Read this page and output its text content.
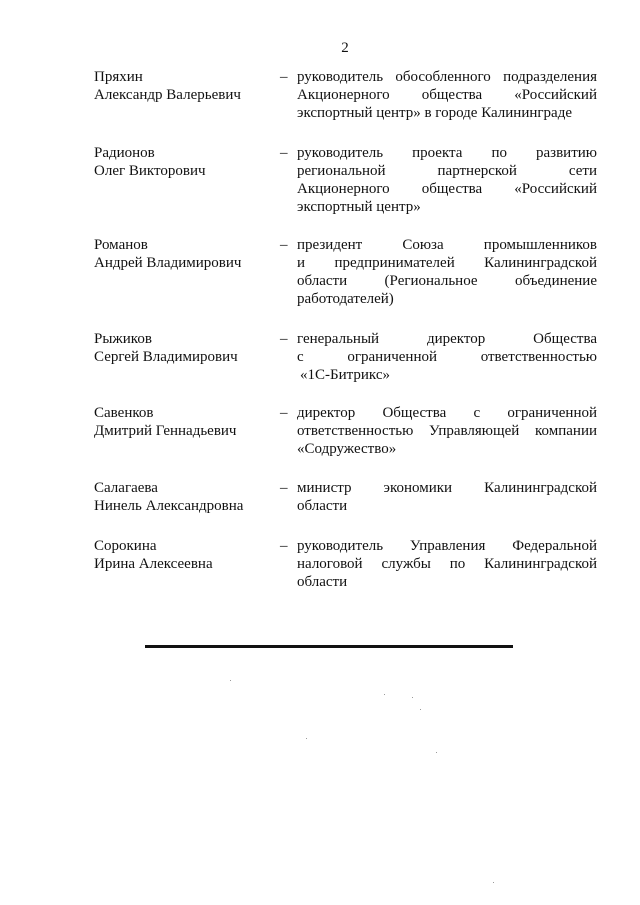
2
Пряхин
Александр Валерьевич
– руководитель обособленного подразделения
Акционерного общества «Российский
экспортный центр» в городе Калининграде
Радионов
Олег Викторович
– руководитель проекта по развитию
региональной партнерской сети
Акционерного общества «Российский
экспортный центр»
Романов
Андрей Владимирович
– президент Союза промышленников
и предпринимателей Калининградской
области (Региональное объединение
работодателей)
Рыжиков
Сергей Владимирович
– генеральный директор Общества
с ограниченной ответственностью
«1С-Битрикс»
Савенков
Дмитрий Геннадьевич
– директор Общества с ограниченной
ответственностью Управляющей компании
«Содружество»
Салагаева
Нинель Александровна
– министр экономики Калининградской
области
Сорокина
Ирина Алексеевна
– руководитель Управления Федеральной
налоговой службы по Калининградской
области
